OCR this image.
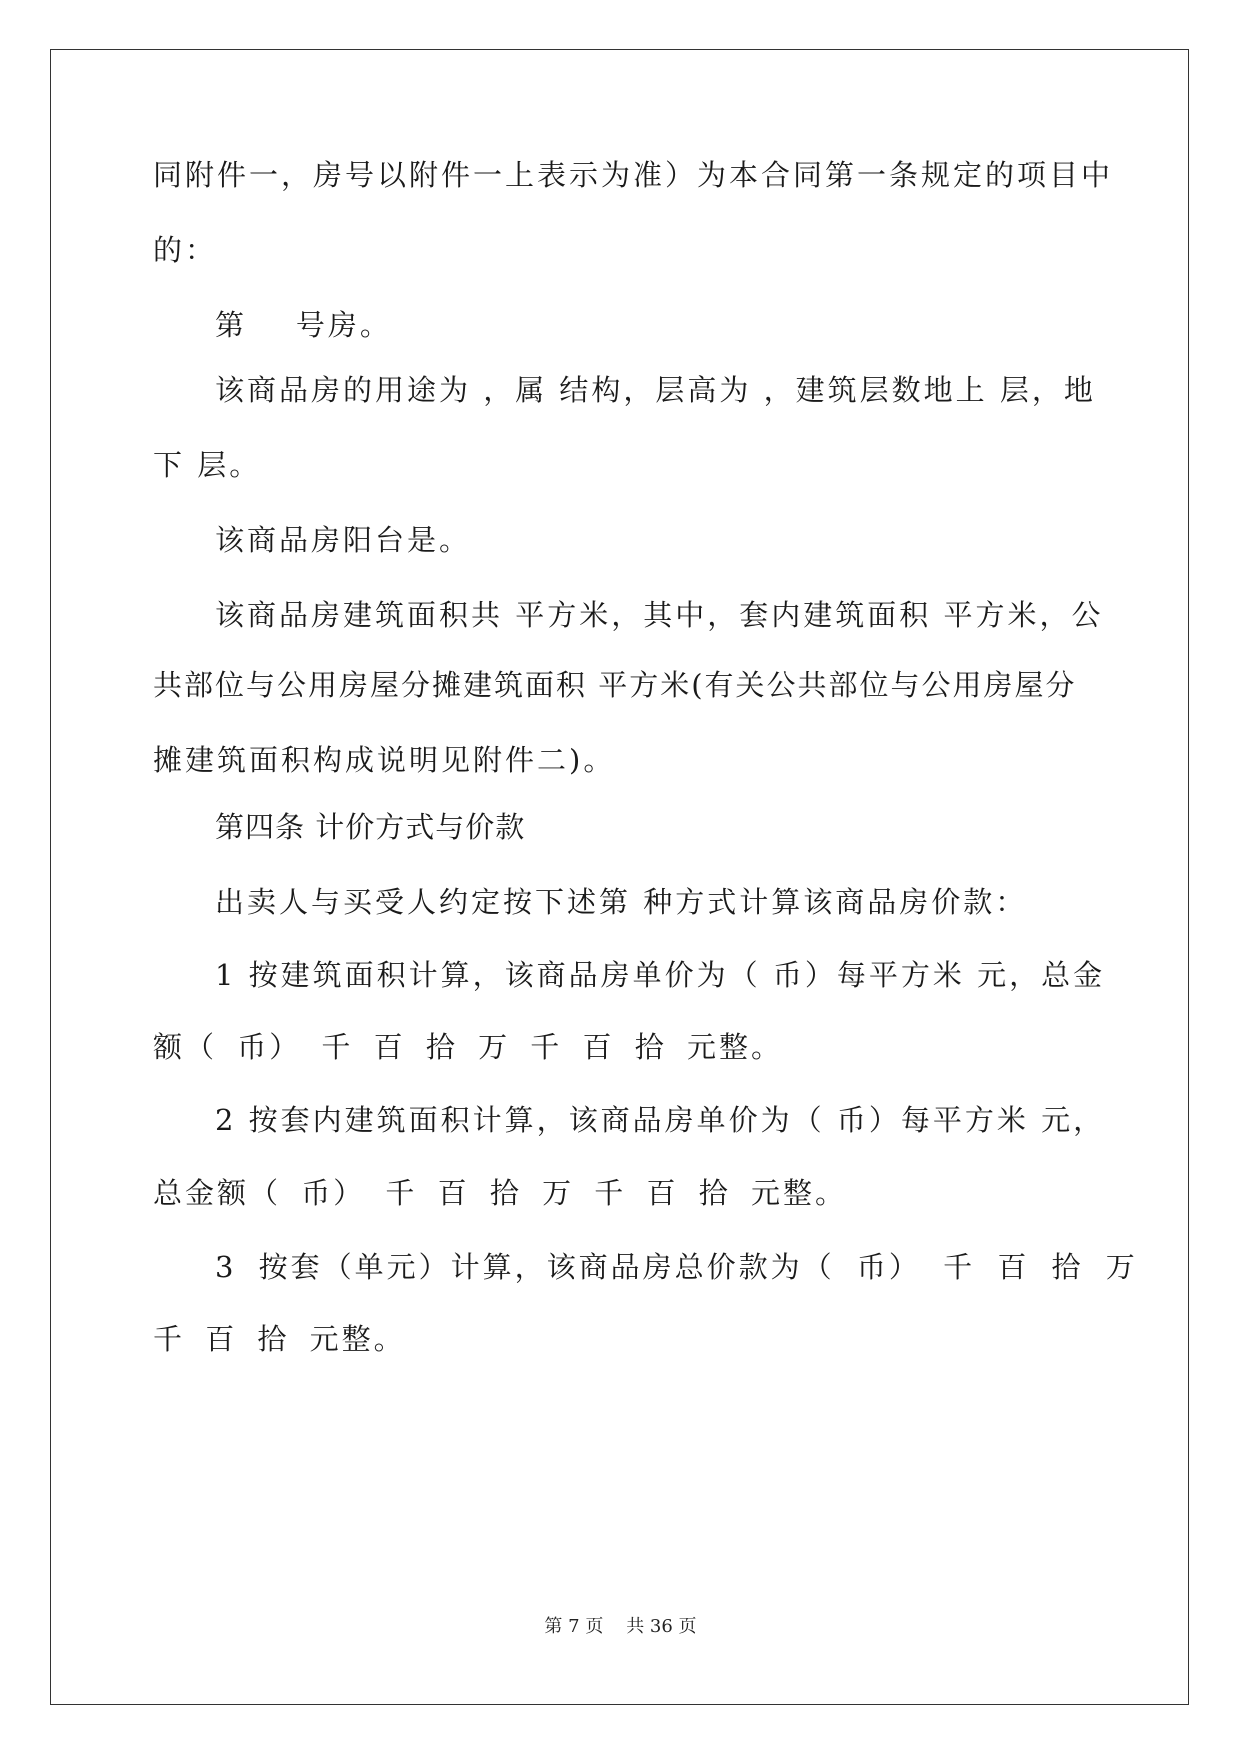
同附件一，房号以附件一上表示为准）为本合同第一条规定的项目中
的：
第    号房。
该商品房的用途为 ，属 结构，层高为 ，建筑层数地上 层，地
下 层。
该商品房阳台是。
该商品房建筑面积共 平方米，其中，套内建筑面积 平方米，公
共部位与公用房屋分摊建筑面积 平方米(有关公共部位与公用房屋分
摊建筑面积构成说明见附件二)。
第四条 计价方式与价款
出卖人与买受人约定按下述第 种方式计算该商品房价款：
1 按建筑面积计算，该商品房单价为（ 币）每平方米 元，总金
额（ 币） 千 百 拾 万 千 百 拾 元整。
2 按套内建筑面积计算，该商品房单价为（ 币）每平方米 元，
总金额（ 币） 千 百 拾 万 千 百 拾 元整。
3 按套（单元）计算，该商品房总价款为（ 币） 千 百 拾 万
千 百 拾 元整。
第 7 页    共 36 页
